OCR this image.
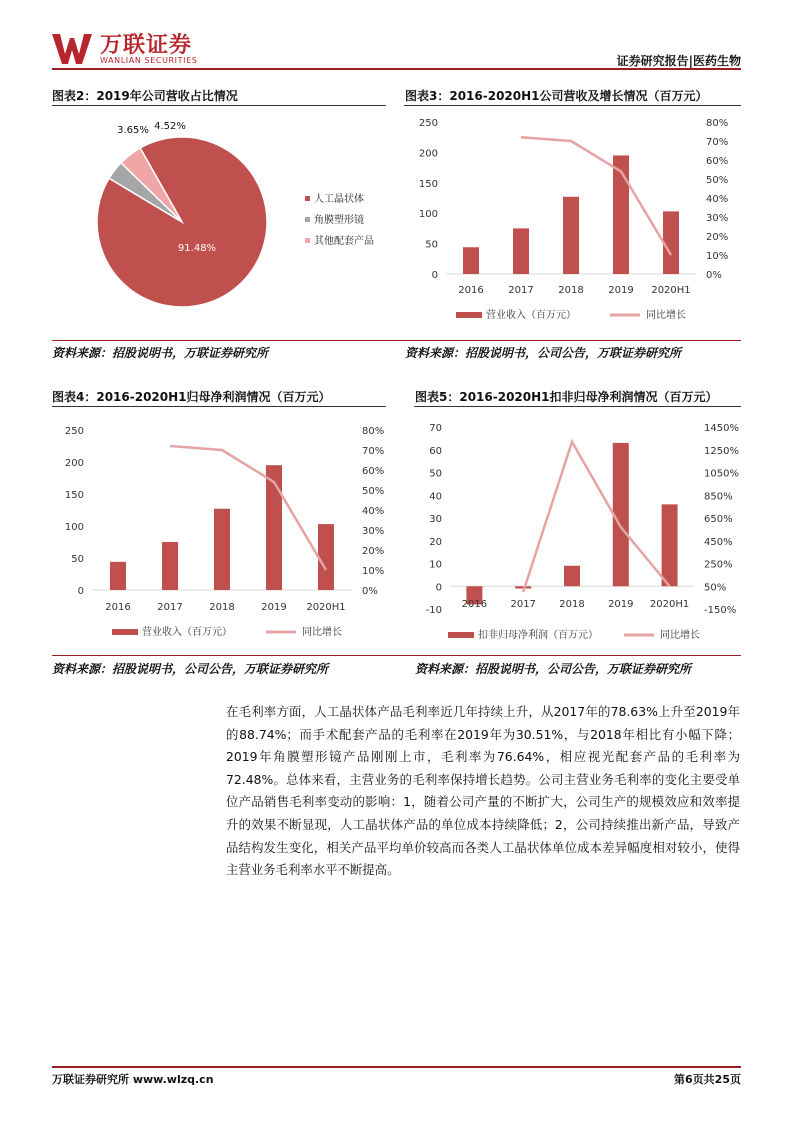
万联证券
WANLIAN SECURITIES	证券研究报告|医药生物
图表2：2019年公司营收占比情况	图表3：2016-2020H1公司营收及增长情况（百万元）
91.48%
3.65% 4.52%
人工晶状体
角膜塑形镜
其他配套产品
0
50
100
150
200
250
0%
10%
20%
30%
40%
50%
60%
70%
80%
2016 2017 2018 2019 2020H1
营业收入（百万元）	同比增长
资料来源：招股说明书，万联证券研究所	资料来源：招股说明书，公司公告，万联证券研究所
图表4：2016-2020H1归母净利润情况（百万元）	图表5：2016-2020H1扣非归母净利润情况（百万元）
0
50
100
150
200
250
0%
10%
20%
30%
40%
50%
60%
70%
80%
2016	2017	2018	2019 2020H1
营业收入（百万元）	同比增长
-10
0
10
20
30
40
50
60
70
-150%
50%
250%
450%
650%
850%
1050%
1250%
1450%
2016 2017 2018 2019 2020H1
扣非归母净利润（百万元）	同比增长
资料来源：招股说明书，公司公告，万联证券研究所	资料来源：招股说明书，公司公告，万联证券研究所
在毛利率方面，人工晶状体产品毛利率近几年持续上升，从2017年的78.63%上升至2019年的88.74%；而手术配套产品的毛利率在2019年为30.51%，与2018年相比有小幅下降；2019年角膜塑形镜产品刚刚上市，毛利率为76.64%，相应视光配套产品的毛利率为72.48%。总体来看，主营业务的毛利率保持增长趋势。公司主营业务毛利率的变化主要受单位产品销售毛利率变动的影响：1，随着公司产量的不断扩大，公司生产的规模效应和效率提升的效果不断显现，人工晶状体产品的单位成本持续降低；2，公司持续推出新产品，导致产品结构发生变化，相关产品平均单价较高而各类人工晶状体单位成本差异幅度相对较小，使得主营业务毛利率水平不断提高。
万联证券研究所 www.wlzq.cn	第6页共25页
